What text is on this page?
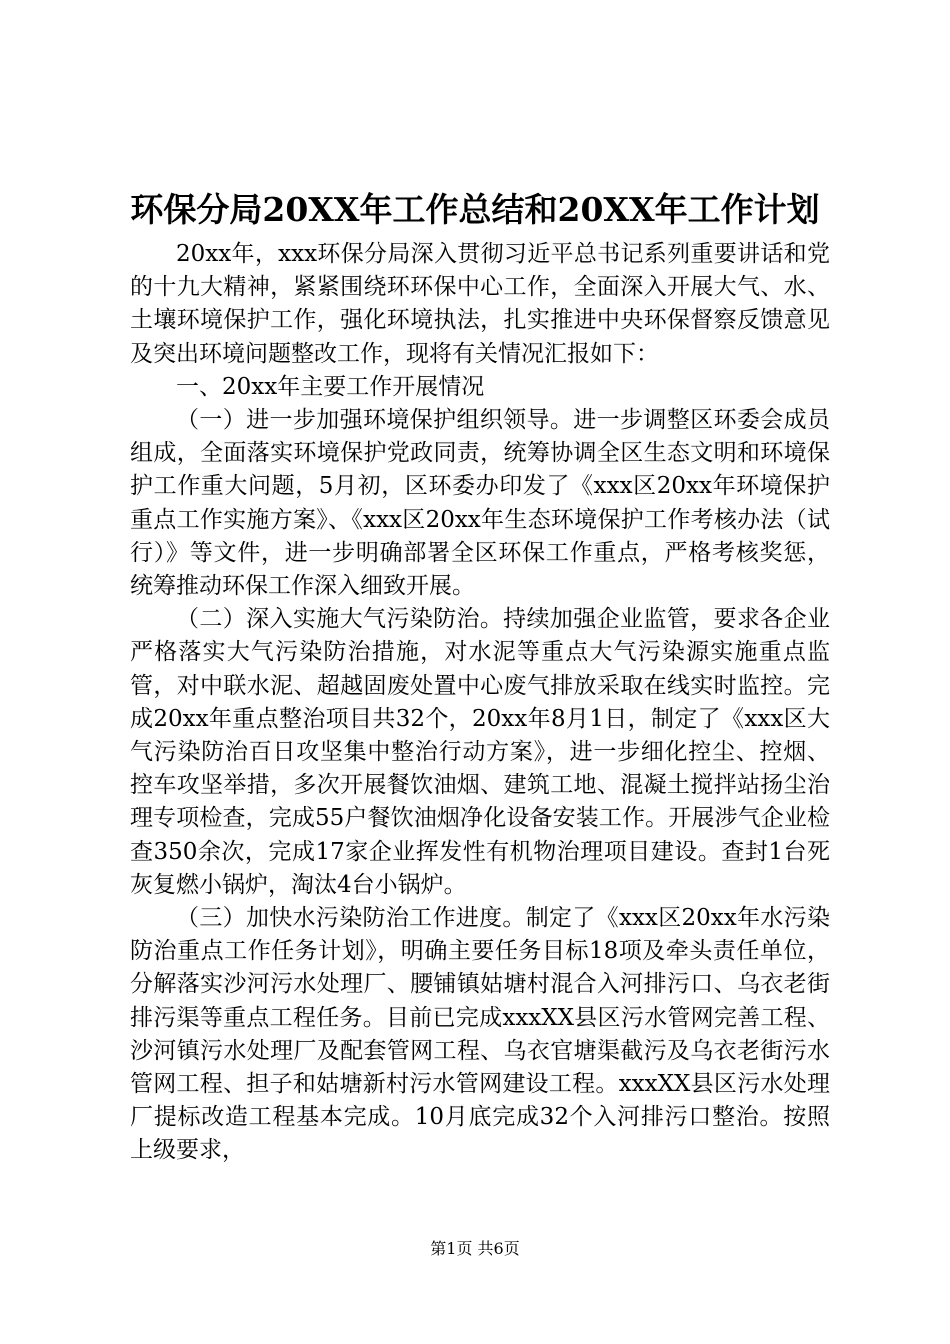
环保分局20XX年工作总结和20XX年工作计划

20xx年，xxx环保分局深入贯彻习近平总书记系列重要讲话和党的十九大精神，紧紧围绕环环保中心工作，全面深入开展大气、水、土壤环境保护工作，强化环境执法，扎实推进中央环保督察反馈意见及突出环境问题整改工作，现将有关情况汇报如下：

一、20xx年主要工作开展情况

（一）进一步加强环境保护组织领导。进一步调整区环委会成员组成，全面落实环境保护党政同责，统筹协调全区生态文明和环境保护工作重大问题，5月初，区环委办印发了《xxx区20xx年环境保护重点工作实施方案》、《xxx区20xx年生态环境保护工作考核办法（试行）》等文件，进一步明确部署全区环保工作重点，严格考核奖惩，统筹推动环保工作深入细致开展。

（二）深入实施大气污染防治。持续加强企业监管，要求各企业严格落实大气污染防治措施，对水泥等重点大气污染源实施重点监管，对中联水泥、超越固废处置中心废气排放采取在线实时监控。完成20xx年重点整治项目共32个，20xx年8月1日，制定了《xxx区大气污染防治百日攻坚集中整治行动方案》，进一步细化控尘、控烟、控车攻坚举措，多次开展餐饮油烟、建筑工地、混凝土搅拌站扬尘治理专项检查，完成55户餐饮油烟净化设备安装工作。开展涉气企业检查350余次，完成17家企业挥发性有机物治理项目建设。查封1台死灰复燃小锅炉，淘汰4台小锅炉。

（三）加快水污染防治工作进度。制定了《xxx区20xx年水污染防治重点工作任务计划》，明确主要任务目标18项及牵头责任单位，分解落实沙河污水处理厂、腰铺镇姑塘村混合入河排污口、乌衣老街排污渠等重点工程任务。目前已完成xxxXX县区污水管网完善工程、沙河镇污水处理厂及配套管网工程、乌衣官塘渠截污及乌衣老街污水管网工程、担子和姑塘新村污水管网建设工程。xxxXX县区污水处理厂提标改造工程基本完成。10月底完成32个入河排污口整治。按照上级要求，

第1页 共6页
